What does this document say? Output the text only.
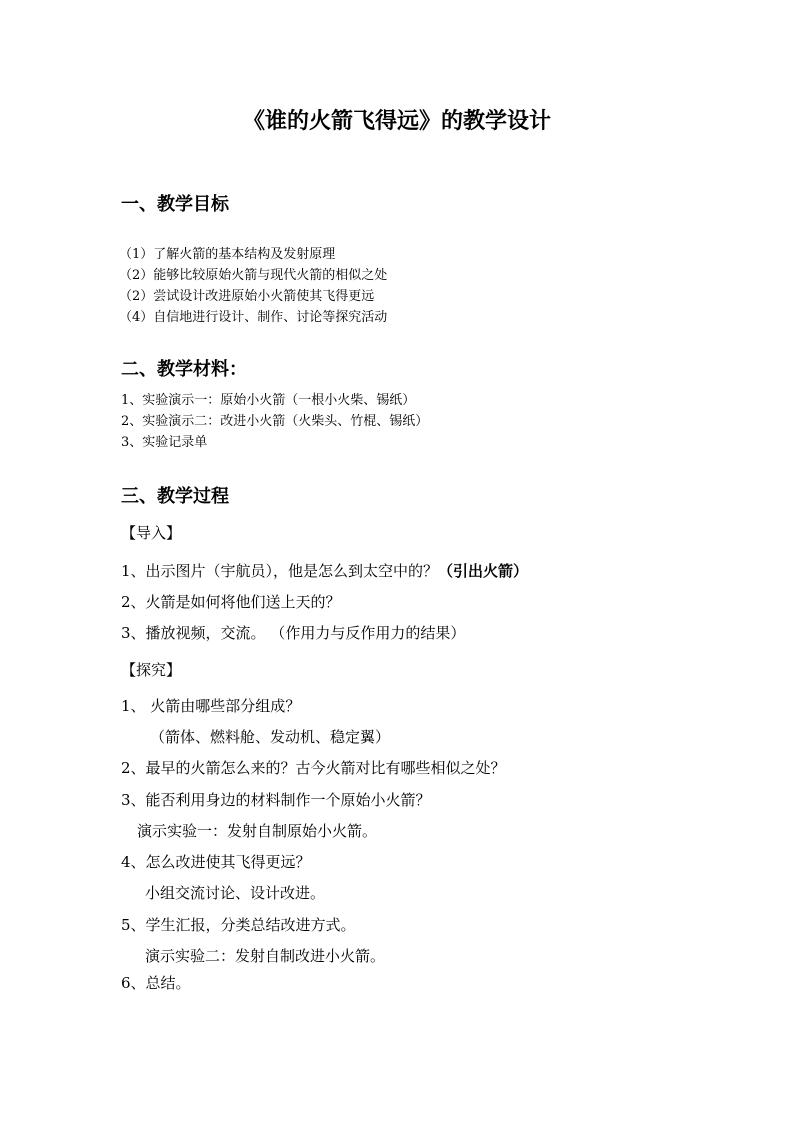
《谁的火箭飞得远》的教学设计
一、教学目标
（1）了解火箭的基本结构及发射原理
（2）能够比较原始火箭与现代火箭的相似之处
（2）尝试设计改进原始小火箭使其飞得更远
（4）自信地进行设计、制作、讨论等探究活动
二、教学材料：
1、实验演示一：原始小火箭（一根小火柴、锡纸）
2、实验演示二：改进小火箭（火柴头、竹棍、锡纸）
3、实验记录单
三、教学过程
【导入】
1、出示图片（宇航员），他是怎么到太空中的？（引出火箭）
2、火箭是如何将他们送上天的？
3、播放视频，交流。 （作用力与反作用力的结果）
【探究】
1、 火箭由哪些部分组成？
（箭体、燃料舱、发动机、稳定翼）
2、最早的火箭怎么来的？古今火箭对比有哪些相似之处？
3、能否利用身边的材料制作一个原始小火箭？
演示实验一：发射自制原始小火箭。
4、怎么改进使其飞得更远？
小组交流讨论、设计改进。
5、学生汇报，分类总结改进方式。
演示实验二：发射自制改进小火箭。
6、总结。
